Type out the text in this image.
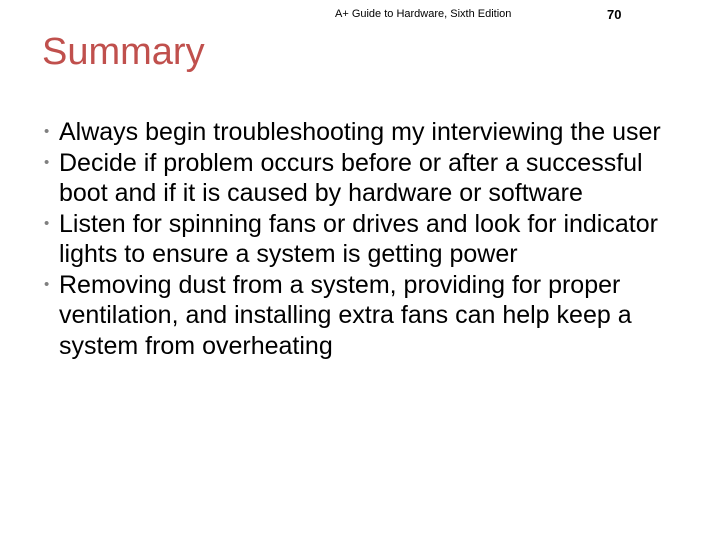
A+ Guide to Hardware, Sixth Edition	70
Summary
• Always begin troubleshooting my interviewing the user
• Decide if problem occurs before or after a successful boot and if it is caused by hardware or software
• Listen for spinning fans or drives and look for indicator lights to ensure a system is getting power
• Removing dust from a system, providing for proper ventilation, and installing extra fans can help keep a system from overheating
